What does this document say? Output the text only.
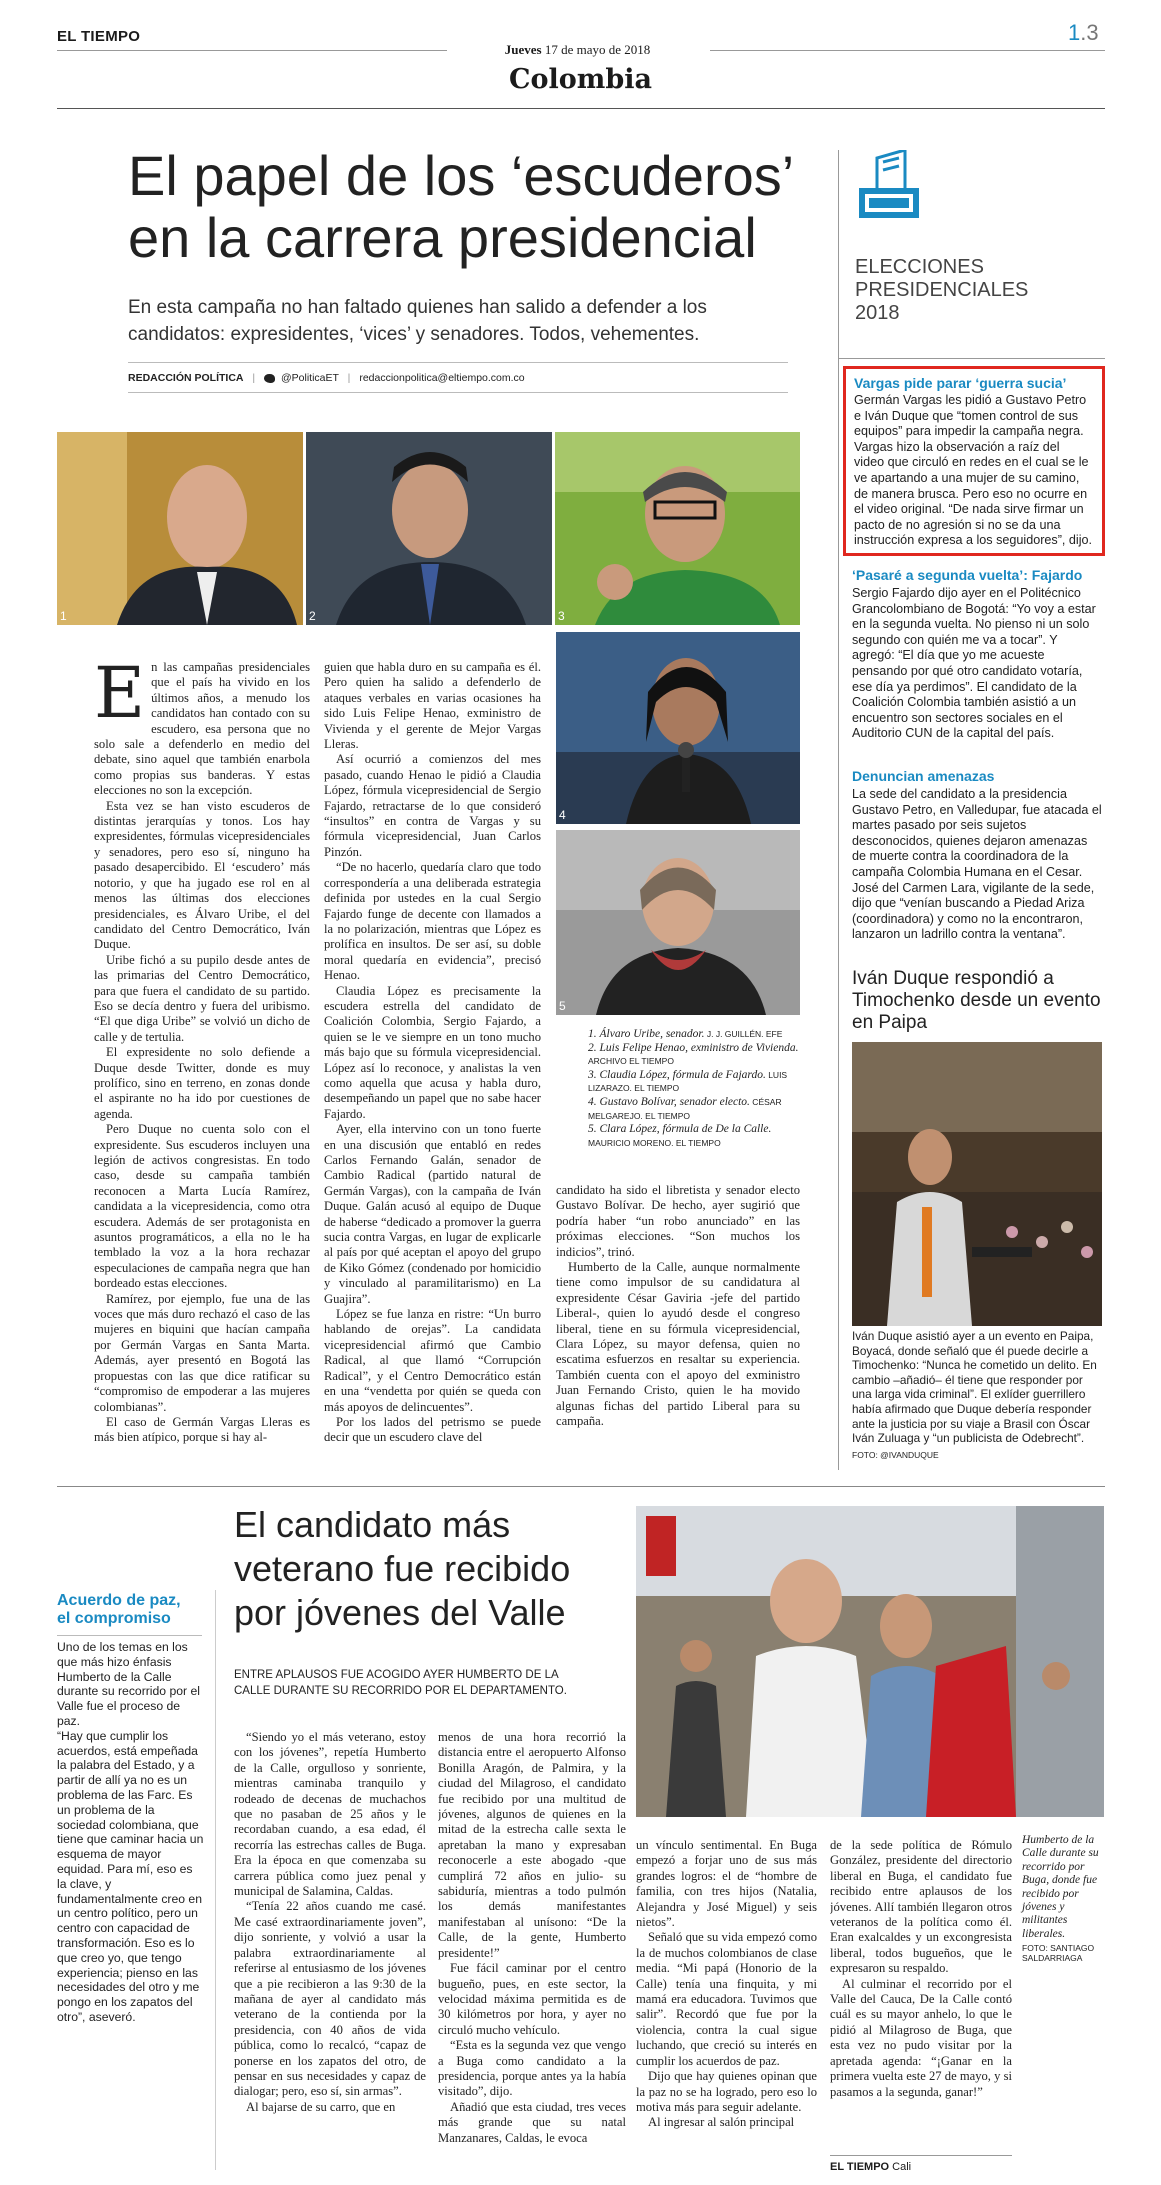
EL TIEMPO
Jueves 17 de mayo de 2018
1.3
Colombia
El papel de los ‘escuderos’
en la carrera presidencial
En esta campaña no han faltado quienes han salido a defender a los candidatos: expresidentes, ‘vices’ y senadores. Todos, vehementes.
REDACCIÓN POLÍTICA | @PoliticaET | redaccionpolitica@eltiempo.com.co
1	2	3
4
5
1. Álvaro Uribe, senador. J. J. GUILLÉN. EFE
2. Luis Felipe Henao, exministro de Vivienda. ARCHIVO EL TIEMPO
3. Claudia López, fórmula de Fajardo. LUIS LIZARAZO. EL TIEMPO
4. Gustavo Bolívar, senador electo. CÉSAR MELGAREJO. EL TIEMPO
5. Clara López, fórmula de De la Calle. MAURICIO MORENO. EL TIEMPO

En las campañas presidenciales que el país ha vivido en los últimos años, a menudo los candidatos han contado con su escudero, esa persona que no solo sale a defenderlo en medio del debate, sino aquel que también enarbola como propias sus banderas. Y estas elecciones no son la excepción.

Esta vez se han visto escuderos de distintas jerarquías y tonos. Los hay expresidentes, fórmulas vicepresidenciales y senadores, pero eso sí, ninguno ha pasado desapercibido. El ‘escudero’ más notorio, y que ha jugado ese rol en al menos las últimas dos elecciones presidenciales, es Álvaro Uribe, el del candidato del Centro Democrático, Iván Duque.

Uribe fichó a su pupilo desde antes de las primarias del Centro Democrático, para que fuera el candidato de su partido. Eso se decía dentro y fuera del uribismo. “El que diga Uribe” se volvió un dicho de calle y de tertulia.

El expresidente no solo defiende a Duque desde Twitter, donde es muy prolífico, sino en terreno, en zonas donde el aspirante no ha ido por cuestiones de agenda.

Pero Duque no cuenta solo con el expresidente. Sus escuderos incluyen una legión de activos congresistas. En todo caso, desde su campaña también reconocen a Marta Lucía Ramírez, candidata a la vicepresidencia, como otra escudera. Además de ser protagonista en asuntos programáticos, a ella no le ha temblado la voz a la hora rechazar especulaciones de campaña negra que han bordeado estas elecciones.

Ramírez, por ejemplo, fue una de las voces que más duro rechazó el caso de las mujeres en biquini que hacían campaña por Germán Vargas en Santa Marta. Además, ayer presentó en Bogotá las propuestas con las que dice ratificar su “compromiso de empoderar a las mujeres colombianas”.

El caso de Germán Vargas Lleras es más bien atípico, porque si hay al-

guien que habla duro en su campaña es él. Pero quien ha salido a defenderlo de ataques verbales en varias ocasiones ha sido Luis Felipe Henao, exministro de Vivienda y el gerente de Mejor Vargas Lleras.

Así ocurrió a comienzos del mes pasado, cuando Henao le pidió a Claudia López, fórmula vicepresidencial de Sergio Fajardo, retractarse de lo que consideró “insultos” en contra de Vargas y su fórmula vicepresidencial, Juan Carlos Pinzón.

“De no hacerlo, quedaría claro que todo correspondería a una deliberada estrategia definida por ustedes en la cual Sergio Fajardo funge de decente con llamados a la no polarización, mientras que López es prolífica en insultos. De ser así, su doble moral quedaría en evidencia”, precisó Henao.

Claudia López es precisamente la escudera estrella del candidato de Coalición Colombia, Sergio Fajardo, a quien se le ve siempre en un tono mucho más bajo que su fórmula vicepresidencial. López así lo reconoce, y analistas la ven como aquella que acusa y habla duro, desempeñando un papel que no sabe hacer Fajardo.

Ayer, ella intervino con un tono fuerte en una discusión que entabló en redes Carlos Fernando Galán, senador de Cambio Radical (partido natural de Germán Vargas), con la campaña de Iván Duque. Galán acusó al equipo de Duque de haberse “dedicado a promover la guerra sucia contra Vargas, en lugar de explicarle al país por qué aceptan el apoyo del grupo de Kiko Gómez (condenado por homicidio y vinculado al paramilitarismo) en La Guajira”.

López se fue lanza en ristre: “Un burro hablando de orejas”. La candidata vicepresidencial afirmó que Cambio Radical, al que llamó “Corrupción Radical”, y el Centro Democrático están en una “vendetta por quién se queda con más apoyos de delincuentes”.

Por los lados del petrismo se puede decir que un escudero clave del

candidato ha sido el libretista y senador electo Gustavo Bolívar. De hecho, ayer sugirió que podría haber “un robo anunciado” en las próximas elecciones. “Son muchos los indicios”, trinó.

Humberto de la Calle, aunque normalmente tiene como impulsor de su candidatura al expresidente César Gaviria -jefe del partido Liberal-, quien lo ayudó desde el congreso liberal, tiene en su fórmula vicepresidencial, Clara López, su mayor defensa, quien no escatima esfuerzos en resaltar su experiencia. También cuenta con el apoyo del exministro Juan Fernando Cristo, quien le ha movido algunas fichas del partido Liberal para su campaña.

ELECCIONES
PRESIDENCIALES
2018
Vargas pide parar ‘guerra sucia’
Germán Vargas les pidió a Gustavo Petro e Iván Duque que “tomen control de sus equipos” para impedir la campaña negra. Vargas hizo la observación a raíz del video que circuló en redes en el cual se le ve apartando a una mujer de su camino, de manera brusca. Pero eso no ocurre en el video original. “De nada sirve firmar un pacto de no agresión si no se da una instrucción expresa a los seguidores”, dijo.
‘Pasaré a segunda vuelta’: Fajardo
Sergio Fajardo dijo ayer en el Politécnico Grancolombiano de Bogotá: “Yo voy a estar en la segunda vuelta. No pienso ni un solo segundo con quién me va a tocar”. Y agregó: “El día que yo me acueste pensando por qué otro candidato votaría, ese día ya perdimos”. El candidato de la Coalición Colombia también asistió a un encuentro son sectores sociales en el Auditorio CUN de la capital del país.
Denuncian amenazas
La sede del candidato a la presidencia Gustavo Petro, en Valledupar, fue atacada el martes pasado por seis sujetos desconocidos, quienes dejaron amenazas de muerte contra la coordinadora de la campaña Colombia Humana en el Cesar. José del Carmen Lara, vigilante de la sede, dijo que “venían buscando a Piedad Ariza (coordinadora) y como no la encontraron, lanzaron un ladrillo contra la ventana”.
Iván Duque respondió a Timochenko desde un evento en Paipa
Iván Duque asistió ayer a un evento en Paipa, Boyacá, donde señaló que él puede decirle a Timochenko: “Nunca he cometido un delito. En cambio –añadió– él tiene que responder por una larga vida criminal”. El exlíder guerrillero había afirmado que Duque debería responder ante la justicia por su viaje a Brasil con Óscar Iván Zuluaga y “un publicista de Odebrecht”. FOTO: @IVANDUQUE
El candidato más
veterano fue recibido
por jóvenes del Valle
ENTRE APLAUSOS FUE ACOGIDO AYER HUMBERTO DE LA CALLE DURANTE SU RECORRIDO POR EL DEPARTAMENTO.
Humberto de la Calle durante su recorrido por Buga, donde fue recibido por jóvenes y militantes liberales.
FOTO: SANTIAGO SALDARRIAGA
Acuerdo de paz,
el compromiso
Uno de los temas en los que más hizo énfasis Humberto de la Calle durante su recorrido por el Valle fue el proceso de paz.
“Hay que cumplir los acuerdos, está empeñada la palabra del Estado, y a partir de allí ya no es un problema de las Farc. Es un problema de la sociedad colombiana, que tiene que caminar hacia un esquema de mayor equidad. Para mí, eso es la clave, y fundamentalmente creo en un centro político, pero un centro con capacidad de transformación. Eso es lo que creo yo, que tengo experiencia; pienso en las necesidades del otro y me pongo en los zapatos del otro”, aseveró.

“Siendo yo el más veterano, estoy con los jóvenes”, repetía Humberto de la Calle, orgulloso y sonriente, mientras caminaba tranquilo y rodeado de decenas de muchachos que no pasaban de 25 años y le recordaban cuando, a esa edad, él recorría las estrechas calles de Buga. Era la época en que comenzaba su carrera pública como juez penal y municipal de Salamina, Caldas.

“Tenía 22 años cuando me casé. Me casé extraordinariamente joven”, dijo sonriente, y volvió a usar la palabra extraordinariamente al referirse al entusiasmo de los jóvenes que a pie recibieron a las 9:30 de la mañana de ayer al candidato más veterano de la contienda por la presidencia, con 40 años de vida pública, como lo recalcó, “capaz de ponerse en los zapatos del otro, de pensar en sus necesidades y capaz de dialogar; pero, eso sí, sin armas”.

Al bajarse de su carro, que en

menos de una hora recorrió la distancia entre el aeropuerto Alfonso Bonilla Aragón, de Palmira, y la ciudad del Milagroso, el candidato fue recibido por una multitud de jóvenes, algunos de quienes en la mitad de la estrecha calle sexta le apretaban la mano y expresaban reconocerle a este abogado -que cumplirá 72 años en julio- su sabiduría, mientras a todo pulmón los demás manifestantes manifestaban al unísono: “De la Calle, de la gente, Humberto presidente!”

Fue fácil caminar por el centro bugueño, pues, en este sector, la velocidad máxima permitida es de 30 kilómetros por hora, y ayer no circuló mucho vehículo.

“Esta es la segunda vez que vengo a Buga como candidato a la presidencia, porque antes ya la había visitado”, dijo.

Añadió que esta ciudad, tres veces más grande que su natal Manzanares, Caldas, le evoca

un vínculo sentimental. En Buga empezó a forjar uno de sus más grandes logros: el de “hombre de familia, con tres hijos (Natalia, Alejandra y José Miguel) y seis nietos”.

Señaló que su vida empezó como la de muchos colombianos de clase media. “Mi papá (Honorio de la Calle) tenía una finquita, y mi mamá era educadora. Tuvimos que salir”. Recordó que fue por la violencia, contra la cual sigue luchando, que creció su interés en cumplir los acuerdos de paz.

Dijo que hay quienes opinan que la paz no se ha logrado, pero eso lo motiva más para seguir adelante.

Al ingresar al salón principal

de la sede política de Rómulo González, presidente del directorio liberal en Buga, el candidato fue recibido entre aplausos de los jóvenes. Allí también llegaron otros veteranos de la política como él. Eran exalcaldes y un excongresista liberal, todos bugueños, que le expresaron su respaldo.

Al culminar el recorrido por el Valle del Cauca, De la Calle contó cuál es su mayor anhelo, lo que le pidió al Milagroso de Buga, que esta vez no pudo visitar por la apretada agenda: “¡Ganar en la primera vuelta este 27 de mayo, y si pasamos a la segunda, ganar!”

EL TIEMPO Cali
